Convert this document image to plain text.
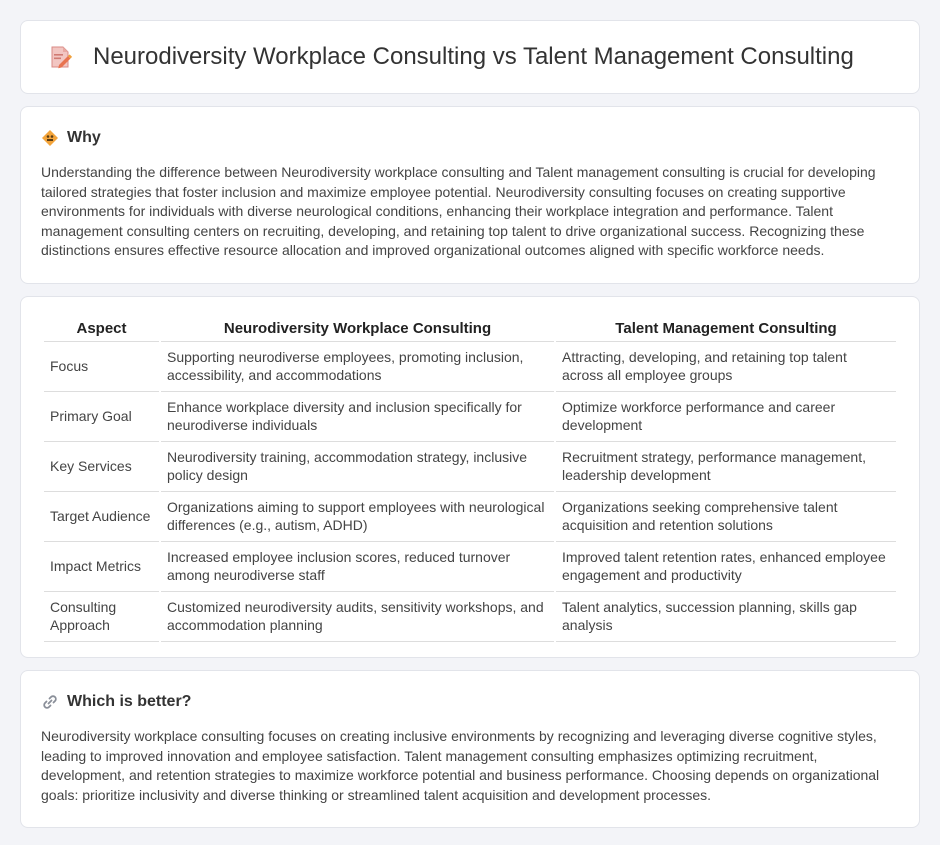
Neurodiversity Workplace Consulting vs Talent Management Consulting
Why

Understanding the difference between Neurodiversity workplace consulting and Talent management consulting is crucial for developing tailored strategies that foster inclusion and maximize employee potential. Neurodiversity consulting focuses on creating supportive environments for individuals with diverse neurological conditions, enhancing their workplace integration and performance. Talent management consulting centers on recruiting, developing, and retaining top talent to drive organizational success. Recognizing these distinctions ensures effective resource allocation and improved organizational outcomes aligned with specific workforce needs.

Aspect	Neurodiversity Workplace Consulting	Talent Management Consulting
Focus	Supporting neurodiverse employees, promoting inclusion, accessibility, and accommodations	Attracting, developing, and retaining top talent across all employee groups
Primary Goal	Enhance workplace diversity and inclusion specifically for neurodiverse individuals	Optimize workforce performance and career development
Key Services	Neurodiversity training, accommodation strategy, inclusive policy design	Recruitment strategy, performance management, leadership development
Target Audience	Organizations aiming to support employees with neurological differences (e.g., autism, ADHD)	Organizations seeking comprehensive talent acquisition and retention solutions
Impact Metrics	Increased employee inclusion scores, reduced turnover among neurodiverse staff	Improved talent retention rates, enhanced employee engagement and productivity
Consulting Approach	Customized neurodiversity audits, sensitivity workshops, and accommodation planning	Talent analytics, succession planning, skills gap analysis
Which is better?

Neurodiversity workplace consulting focuses on creating inclusive environments by recognizing and leveraging diverse cognitive styles, leading to improved innovation and employee satisfaction. Talent management consulting emphasizes optimizing recruitment, development, and retention strategies to maximize workforce potential and business performance. Choosing depends on organizational goals: prioritize inclusivity and diverse thinking or streamlined talent acquisition and development processes.
